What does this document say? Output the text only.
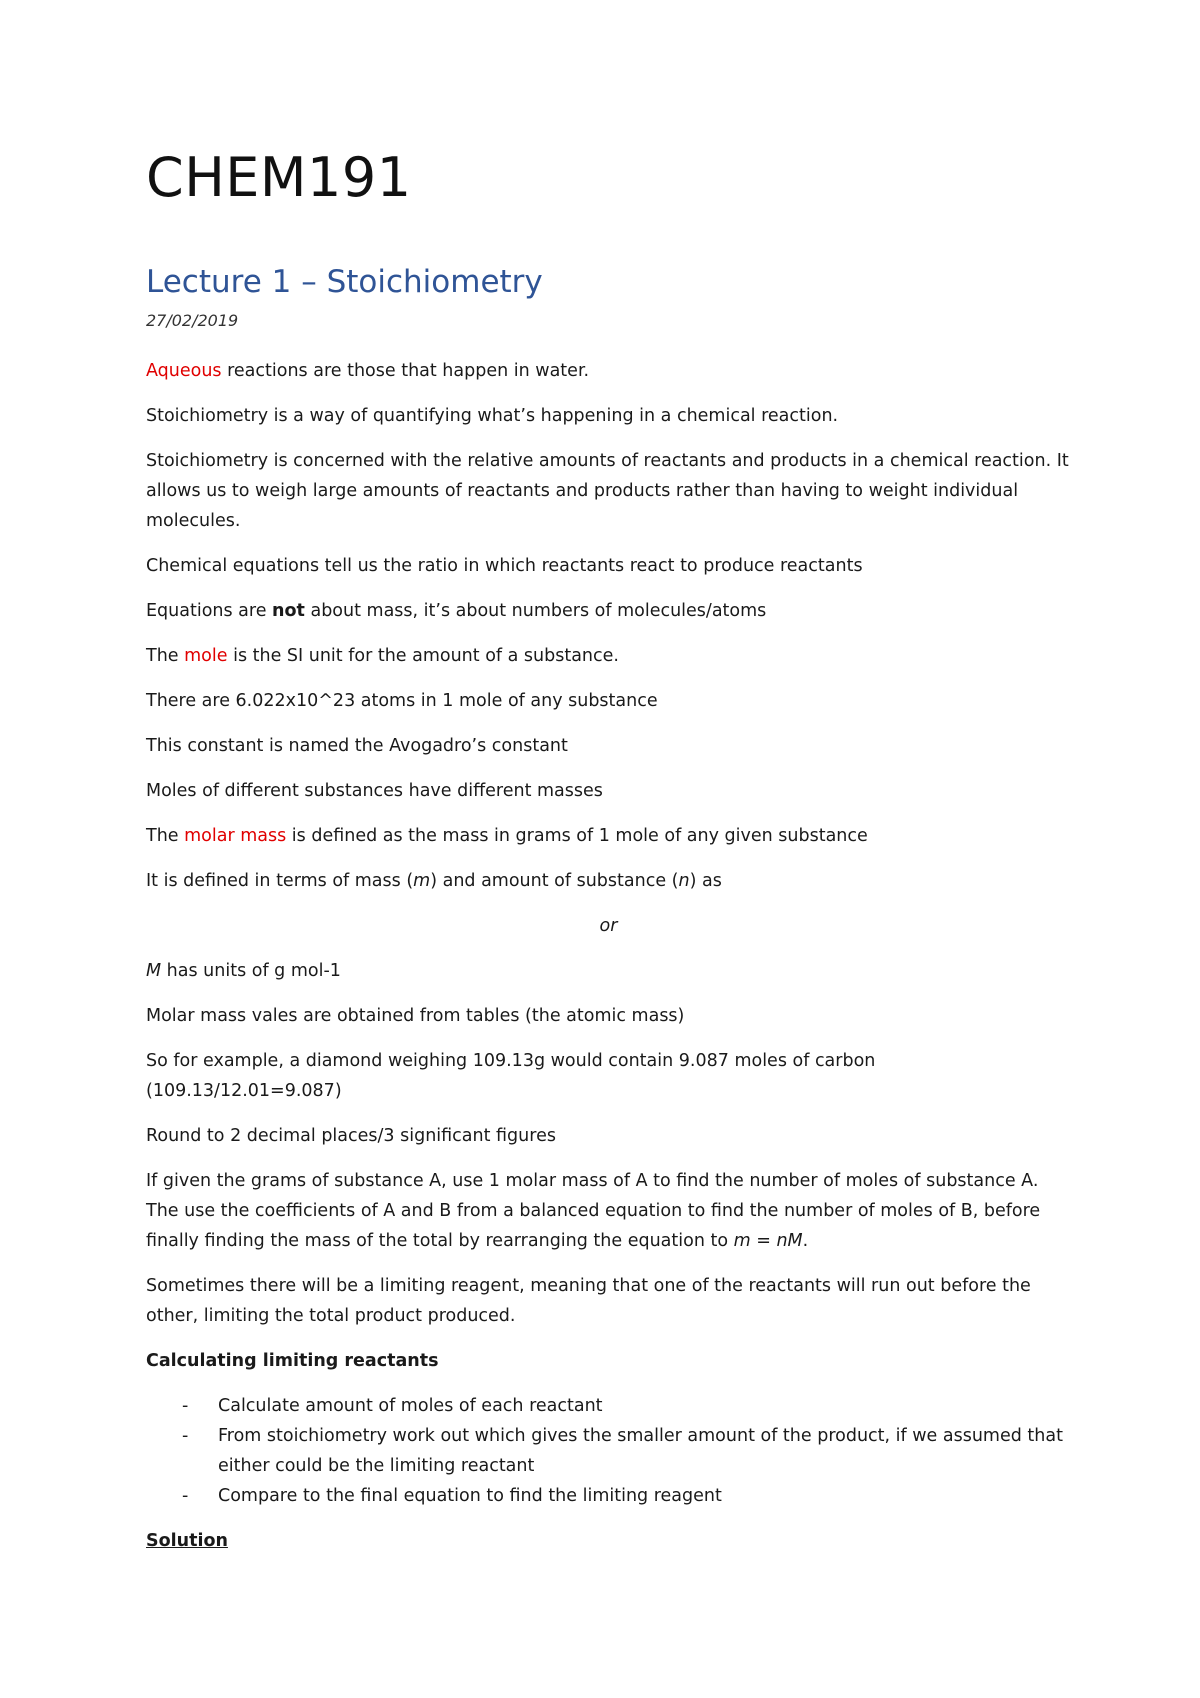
CHEM191
Lecture 1 – Stoichiometry
27/02/2019

Aqueous reactions are those that happen in water.

Stoichiometry is a way of quantifying what’s happening in a chemical reaction.

Stoichiometry is concerned with the relative amounts of reactants and products in a chemical reaction. It allows us to weigh large amounts of reactants and products rather than having to weight individual molecules.

Chemical equations tell us the ratio in which reactants react to produce reactants

Equations are not about mass, it’s about numbers of molecules/atoms

The mole is the SI unit for the amount of a substance.

There are 6.022x10^23 atoms in 1 mole of any substance

This constant is named the Avogadro’s constant

Moles of different substances have different masses

The molar mass is defined as the mass in grams of 1 mole of any given substance

It is defined in terms of mass (m) and amount of substance (n) as

or

M has units of g mol-1

Molar mass vales are obtained from tables (the atomic mass)

So for example, a diamond weighing 109.13g would contain 9.087 moles of carbon (109.13/12.01=9.087)

Round to 2 decimal places/3 significant figures

If given the grams of substance A, use 1 molar mass of A to find the number of moles of substance A. The use the coefficients of A and B from a balanced equation to find the number of moles of B, before finally finding the mass of the total by rearranging the equation to m = nM.

Sometimes there will be a limiting reagent, meaning that one of the reactants will run out before the other, limiting the total product produced.

Calculating limiting reactants

- Calculate amount of moles of each reactant
- From stoichiometry work out which gives the smaller amount of the product, if we assumed that either could be the limiting reactant
- Compare to the final equation to find the limiting reagent

Solution
